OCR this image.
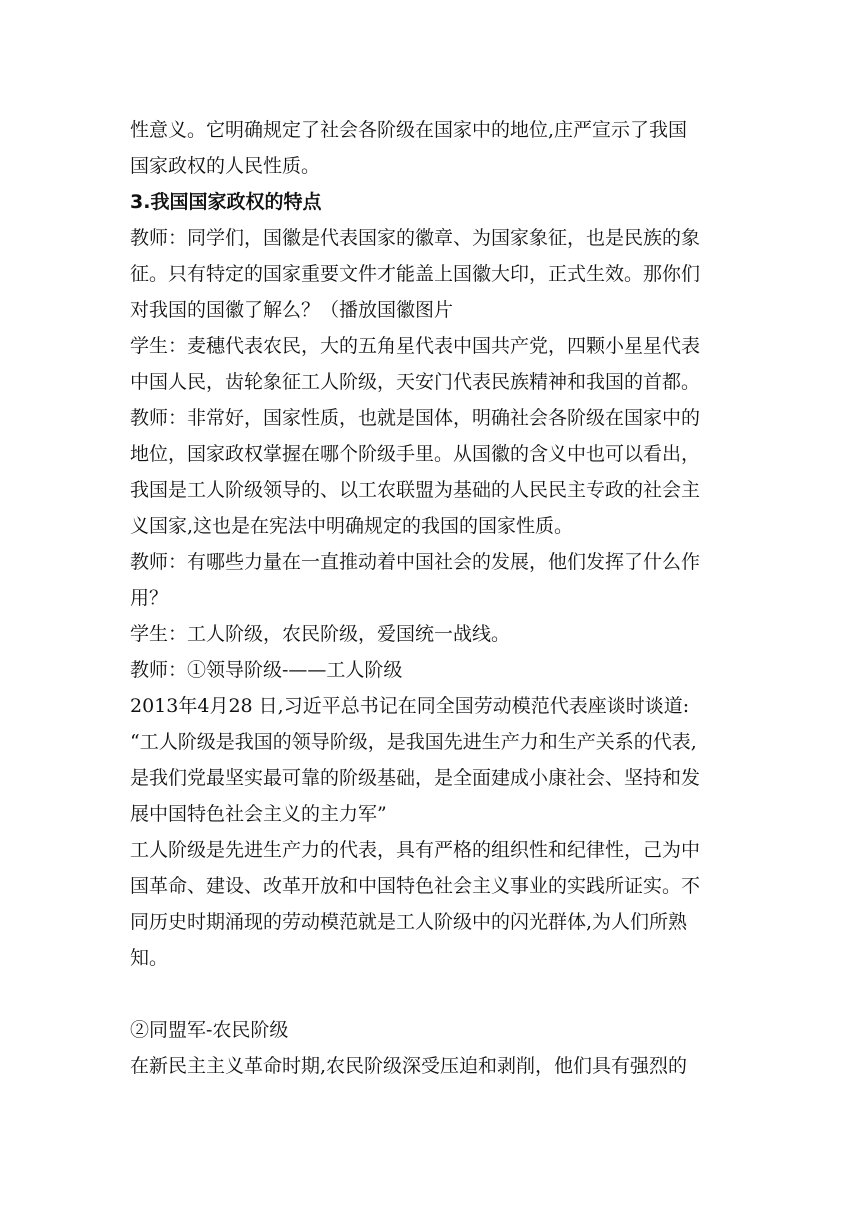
性意义。它明确规定了社会各阶级在国家中的地位,庄严宣示了我国
国家政权的人民性质。
3.我国国家政权的特点
教师：同学们，国徽是代表国家的徽章、为国家象征，也是民族的象
征。只有特定的国家重要文件才能盖上国徽大印，正式生效。那你们
对我国的国徽了解么？（播放国徽图片
学生：麦穗代表农民，大的五角星代表中国共产党，四颗小星星代表
中国人民，齿轮象征工人阶级，天安门代表民族精神和我国的首都。
教师：非常好，国家性质，也就是国体，明确社会各阶级在国家中的
地位，国家政权掌握在哪个阶级手里。从国徽的含义中也可以看出，
我国是工人阶级领导的、以工农联盟为基础的人民民主专政的社会主
义国家,这也是在宪法中明确规定的我国的国家性质。
教师：有哪些力量在一直推动着中国社会的发展，他们发挥了什么作
用？
学生：工人阶级，农民阶级，爱国统一战线。
教师：①领导阶级-——工人阶级
2013年4月28 日,习近平总书记在同全国劳动模范代表座谈时谈道:
“工人阶级是我国的领导阶级，是我国先进生产力和生产关系的代表,
是我们党最坚实最可靠的阶级基础，是全面建成小康社会、坚持和发
展中国特色社会主义的主力军”
工人阶级是先进生产力的代表，具有严格的组织性和纪律性，己为中
国革命、建设、改革开放和中国特色社会主义事业的实践所证实。不
同历史时期涌现的劳动模范就是工人阶级中的闪光群体,为人们所熟
知。
②同盟军-农民阶级
在新民主主义革命时期,农民阶级深受压迫和剥削，他们具有强烈的
